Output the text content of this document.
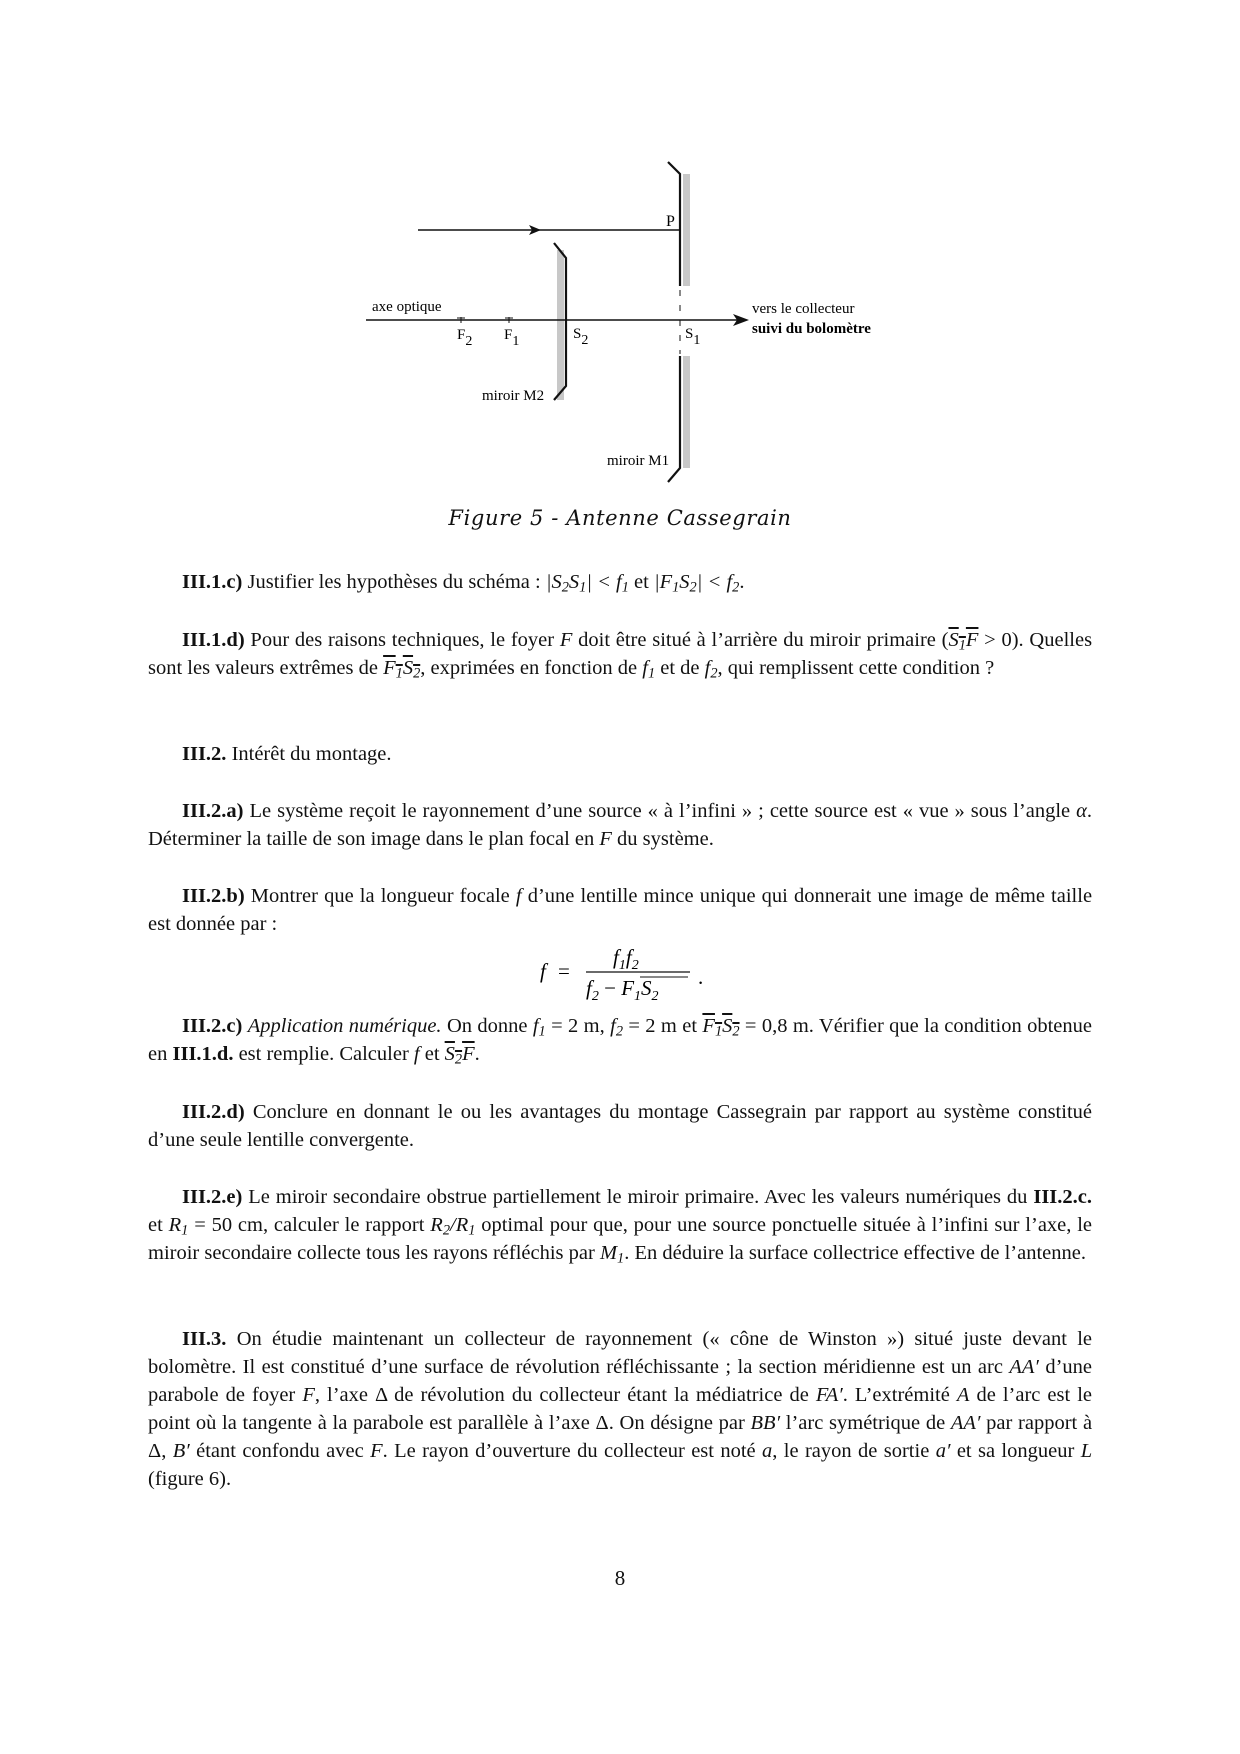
axe optique
P
F2 F1	S2	S1
vers le collecteur
suivi du bolomètre
miroir M2
miroir M1
Figure 5 - Antenne Cassegrain
III.1.c) Justifier les hypothèses du schéma : $|S_2S_1| < f_1$ et $|F_1S_2| < f_2$.
III.1.d) Pour des raisons techniques, le foyer F doit être situé à l’arrière du miroir primaire $(S_1F > 0)$. Quelles sont les valeurs extrêmes de $F_1S_2$, exprimées en fonction de $f_1$ et de $f_2$, qui remplissent cette condition ?
III.2. Intérêt du montage.
III.2.a) Le système reçoit le rayonnement d’une source « à l’infini » ; cette source est « vue » sous l’angle α. Déterminer la taille de son image dans le plan focal en F du système.
III.2.b) Montrer que la longueur focale f d’une lentille mince unique qui donnerait une image de même taille est donnée par :
f =
$f_1f_2$
$f_2 - F_1S_2$
.
III.2.c) Application numérique. On donne $f_1 = 2$ m, $f_2 = 2$ m et $F_1S_2 = 0,8$ m. Vérifier que la condition obtenue en III.1.d. est remplie. Calculer f et $S_2F$.
III.2.d) Conclure en donnant le ou les avantages du montage Cassegrain par rapport au système constitué d’une seule lentille convergente.
III.2.e) Le miroir secondaire obstrue partiellement le miroir primaire. Avec les valeurs numériques du III.2.c. et $R_1 = 50$ cm, calculer le rapport $R_2/R_1$ optimal pour que, pour une source ponctuelle située à l’infini sur l’axe, le miroir secondaire collecte tous les rayons réfléchis par $M_1$. En déduire la surface collectrice effective de l’antenne.
III.3. On étudie maintenant un collecteur de rayonnement (« cône de Winston ») situé juste devant le bolomètre. Il est constitué d’une surface de révolution réfléchissante ; la section méridienne est un arc AA′ d’une parabole de foyer F, l’axe Δ de révolution du collecteur étant la médiatrice de FA′. L’extrémité A de l’arc est le point où la tangente à la parabole est parallèle à l’axe Δ. On désigne par BB′ l’arc symétrique de AA′ par rapport à Δ, B′ étant confondu avec F. Le rayon d’ouverture du collecteur est noté a, le rayon de sortie a′ et sa longueur L (figure 6).
8
